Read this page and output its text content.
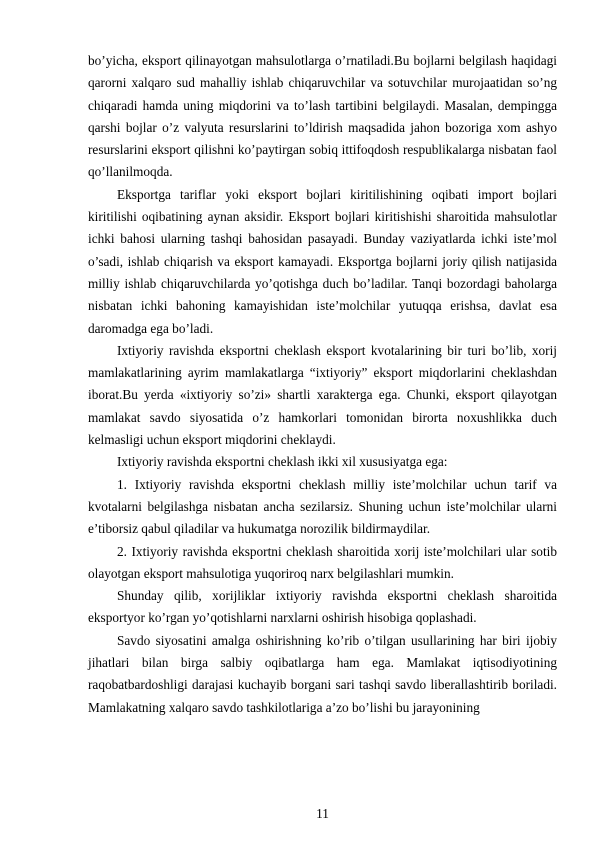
bo’yicha, eksport qilinayotgan mahsulotlarga o’rnatiladi.Bu bojlarni belgilash haqidagi qarorni xalqaro sud mahalliy ishlab chiqaruvchilar va sotuvchilar murojaatidan so’ng chiqaradi hamda uning miqdorini va to’lash tartibini belgilaydi. Masalan, dempingga qarshi bojlar o’z valyuta resurslarini to’ldirish maqsadida jahon bozoriga xom ashyo resurslarini eksport qilishni ko’paytirgan sobiq ittifoqdosh respublikalarga nisbatan faol qo’llanilmoqda.

Eksportga tariflar yoki eksport bojlari kiritilishining oqibati import bojlari kiritilishi oqibatining aynan aksidir. Eksport bojlari kiritishishi sharoitida mahsulotlar ichki bahosi ularning tashqi bahosidan pasayadi. Bunday vaziyatlarda ichki iste’mol o’sadi, ishlab chiqarish va eksport kamayadi. Eksportga bojlarni joriy qilish natijasida milliy ishlab chiqaruvchilarda yo’qotishga duch bo’ladilar. Tanqi bozordagi baholarga nisbatan ichki bahoning kamayishidan iste’molchilar yutuqqa erishsa, davlat esa daromadga ega bo’ladi.

Ixtiyoriy ravishda eksportni cheklash eksport kvotalarining bir turi bo’lib, xorij mamlakatlarining ayrim mamlakatlarga “ixtiyoriy” eksport miqdorlarini cheklashdan iborat.Bu yerda «ixtiyoriy so’zi» shartli xarakterga ega. Chunki, eksport qilayotgan mamlakat savdo siyosatida o’z hamkorlari tomonidan birorta noxushlikka duch kelmasligi uchun eksport miqdorini cheklaydi.

Ixtiyoriy ravishda eksportni cheklash ikki xil xususiyatga ega:

1. Ixtiyoriy ravishda eksportni cheklash milliy iste’molchilar uchun tarif va kvotalarni belgilashga nisbatan ancha sezilarsiz. Shuning uchun iste’molchilar ularni e’tiborsiz qabul qiladilar va hukumatga norozilik bildirmaydilar.

2. Ixtiyoriy ravishda eksportni cheklash sharoitida xorij iste’molchilari ular sotib olayotgan eksport mahsulotiga yuqoriroq narx belgilashlari mumkin.

Shunday qilib, xorijliklar ixtiyoriy ravishda eksportni cheklash sharoitida eksportyor ko’rgan yo’qotishlarni narxlarni oshirish hisobiga qoplashadi.

Savdo siyosatini amalga oshirishning ko’rib o’tilgan usullarining har biri ijobiy jihatlari bilan birga salbiy oqibatlarga ham ega. Mamlakat iqtisodiyotining raqobatbardoshligi darajasi kuchayib borgani sari tashqi savdo liberallashtirib boriladi. Mamlakatning xalqaro savdo tashkilotlariga a’zo bo’lishi bu jarayonining

11
